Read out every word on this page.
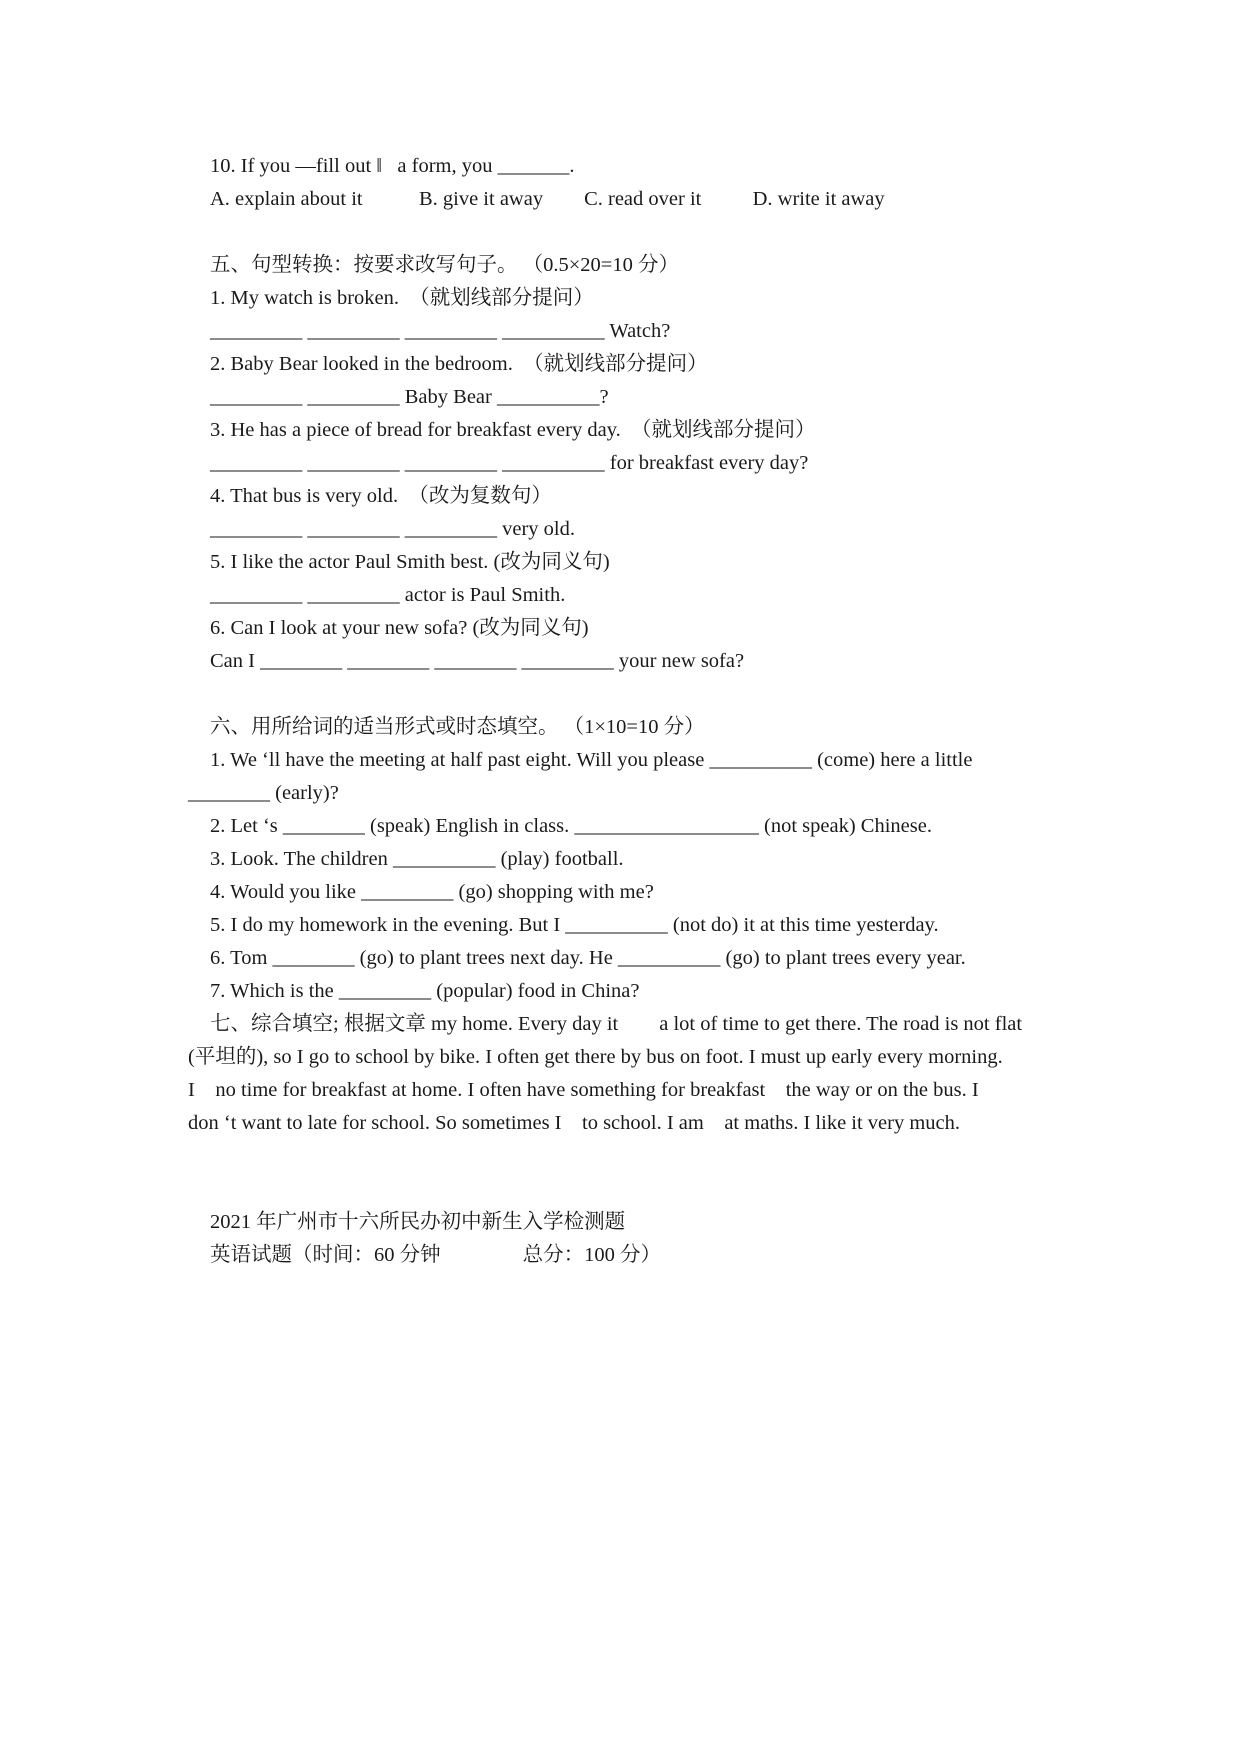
10. If you —fill out ‖   a form, you _______.
A. explain about it           B. give it away        C. read over it          D. write it away
五、句型转换：按要求改写句子。 （0.5×20=10 分）
1. My watch is broken.  （就划线部分提问）
_________ _________ _________ __________ Watch?
2. Baby Bear looked in the bedroom.  （就划线部分提问）
_________ _________ Baby Bear __________?
3. He has a piece of bread for breakfast every day.  （就划线部分提问）
_________ _________ _________ __________ for breakfast every day?
4. That bus is very old.  （改为复数句）
_________ _________ _________ very old.
5. I like the actor Paul Smith best. (改为同义句)
_________ _________ actor is Paul Smith.
6. Can I look at your new sofa? (改为同义句)
Can I ________ ________ ________ _________ your new sofa?
六、用所给词的适当形式或时态填空。 （1×10=10 分）
1. We ‘ll have the meeting at half past eight. Will you please __________ (come) here a little
________ (early)?
2. Let ‘s ________ (speak) English in class. __________________ (not speak) Chinese.
3. Look. The children __________ (play) football.
4. Would you like _________ (go) shopping with me?
5. I do my homework in the evening. But I __________ (not do) it at this time yesterday.
6. Tom ________ (go) to plant trees next day. He __________ (go) to plant trees every year.
7. Which is the _________ (popular) food in China?
七、综合填空; 根据文章 my home. Every day it        a lot of time to get there. The road is not flat
(平坦的), so I go to school by bike. I often get there by bus on foot. I must up early every morning.
I    no time for breakfast at home. I often have something for breakfast    the way or on the bus. I
don ‘t want to late for school. So sometimes I    to school. I am    at maths. I like it very much.
2021 年广州市十六所民办初中新生入学检测题
英语试题（时间：60 分钟                总分：100 分）
